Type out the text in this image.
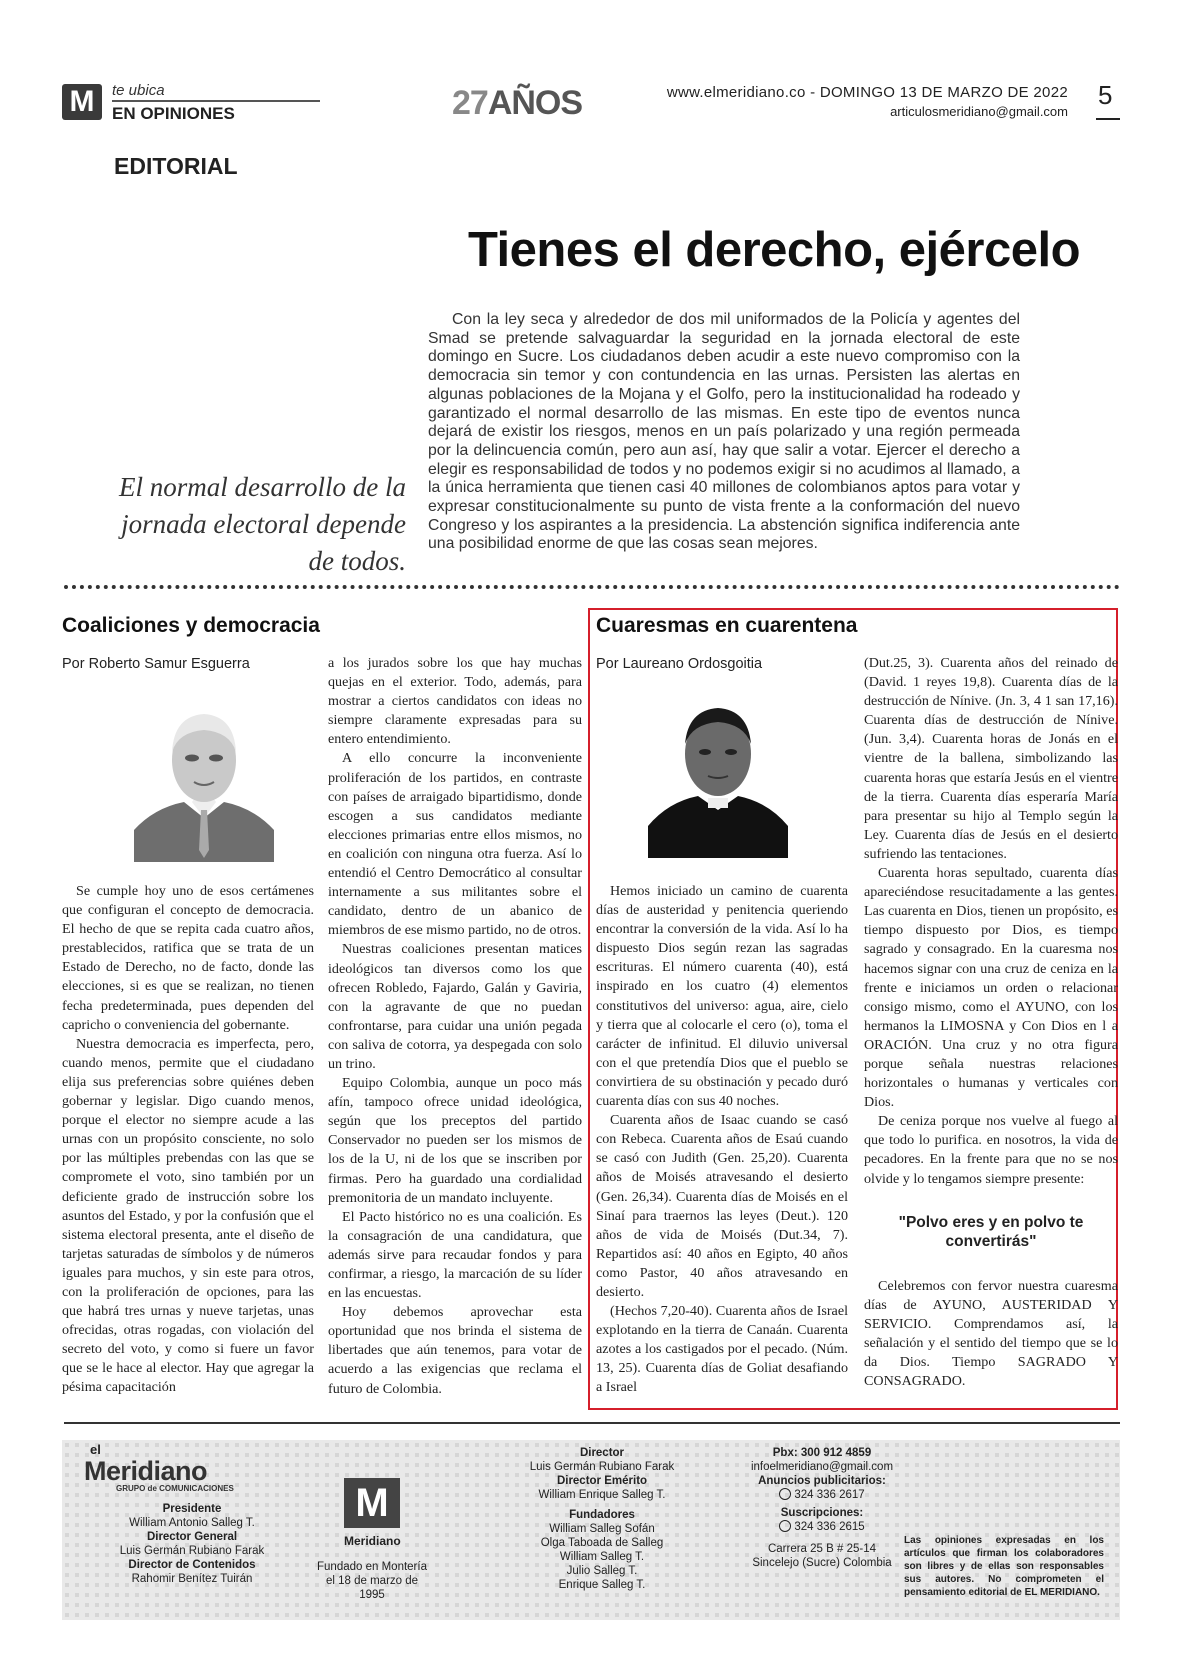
M	te ubica
EN OPINIONES	27AÑOS	www.elmeridiano.co - DOMINGO 13 DE MARZO DE 2022
articulosmeridiano@gmail.com
5
EDITORIAL
Tienes el derecho, ejércelo
Con la ley seca y alrededor de dos mil uniformados de la Policía y agentes del Smad se pretende salvaguardar la seguridad en la jornada electoral de este domingo en Sucre. Los ciudadanos deben acudir a este nuevo compromiso con la democracia sin temor y con contundencia en las urnas. Persisten las alertas en algunas poblaciones de la Mojana y el Golfo, pero la institucionalidad ha rodeado y garantizado el normal desarrollo de las mismas. En este tipo de eventos nunca dejará de existir los riesgos, menos en un país polarizado y una región permeada por la delincuencia común, pero aun así, hay que salir a votar. Ejercer el derecho a elegir es responsabilidad de todos y no podemos exigir si no acudimos al llamado, a la única herramienta que tienen casi 40 millones de colombianos aptos para votar y expresar constitucionalmente su punto de vista frente a la conformación del nuevo Congreso y los aspirantes a la presidencia. La abstención significa indiferencia ante una posibilidad enorme de que las cosas sean mejores.
El normal desarrollo de la jornada electoral depende de todos.
Coaliciones y democracia
Por Roberto Samur Esguerra

Se cumple hoy uno de esos certámenes que configuran el concepto de democracia. El hecho de que se repita cada cuatro años, prestablecidos, ratifica que se trata de un Estado de Derecho, no de facto, donde las elecciones, si es que se realizan, no tienen fecha predeterminada, pues dependen del capricho o conveniencia del gobernante.

Nuestra democracia es imperfecta, pero, cuando menos, permite que el ciudadano elija sus preferencias sobre quiénes deben gobernar y legislar. Digo cuando menos, porque el elector no siempre acude a las urnas con un propósito consciente, no solo por las múltiples prebendas con las que se compromete el voto, sino también por un deficiente grado de instrucción sobre los asuntos del Estado, y por la confusión que el sistema electoral presenta, ante el diseño de tarjetas saturadas de símbolos y de números iguales para muchos, y sin este para otros, con la proliferación de opciones, para las que habrá tres urnas y nueve tarjetas, unas ofrecidas, otras rogadas, con violación del secreto del voto, y como si fuere un favor que se le hace al elector. Hay que agregar la pésima capacitación

a los jurados sobre los que hay muchas quejas en el exterior. Todo, además, para mostrar a ciertos candidatos con ideas no siempre claramente expresadas para su entero entendimiento.

A ello concurre la inconveniente proliferación de los partidos, en contraste con países de arraigado bipartidismo, donde escogen a sus candidatos mediante elecciones primarias entre ellos mismos, no en coalición con ninguna otra fuerza. Así lo entendió el Centro Democrático al consultar internamente a sus militantes sobre el candidato, dentro de un abanico de miembros de ese mismo partido, no de otros.

Nuestras coaliciones presentan matices ideológicos tan diversos como los que ofrecen Robledo, Fajardo, Galán y Gaviria, con la agravante de que no puedan confrontarse, para cuidar una unión pegada con saliva de cotorra, ya despegada con solo un trino.

Equipo Colombia, aunque un poco más afín, tampoco ofrece unidad ideológica, según que los preceptos del partido Conservador no pueden ser los mismos de los de la U, ni de los que se inscriben por firmas. Pero ha guardado una cordialidad premonitoria de un mandato incluyente.

El Pacto histórico no es una coalición. Es la consagración de una candidatura, que además sirve para recaudar fondos y para confirmar, a riesgo, la marcación de su líder en las encuestas.

Hoy debemos aprovechar esta oportunidad que nos brinda el sistema de libertades que aún tenemos, para votar de acuerdo a las exigencias que reclama el futuro de Colombia.

Cuaresmas en cuarentena
Por Laureano Ordosgoitia

Hemos iniciado un camino de cuarenta días de austeridad y penitencia queriendo encontrar la conversión de la vida. Así lo ha dispuesto Dios según rezan las sagradas escrituras. El número cuarenta (40), está inspirado en los cuatro (4) elementos constitutivos del universo: agua, aire, cielo y tierra que al colocarle el cero (o), toma el carácter de infinitud. El diluvio universal con el que pretendía Dios que el pueblo se convirtiera de su obstinación y pecado duró cuarenta días con sus 40 noches.

Cuarenta años de Isaac cuando se casó con Rebeca. Cuarenta años de Esaú cuando se casó con Judith (Gen. 25,20). Cuarenta años de Moisés atravesando el desierto (Gen. 26,34). Cuarenta días de Moisés en el Sinaí para traernos las leyes (Deut.). 120 años de vida de Moisés (Dut.34, 7). Repartidos así: 40 años en Egipto, 40 años como Pastor, 40 años atravesando en desierto.

(Hechos 7,20-40). Cuarenta años de Israel explotando en la tierra de Canaán. Cuarenta azotes a los castigados por el pecado. (Núm. 13, 25). Cuarenta días de Goliat desafiando a Israel

(Dut.25, 3). Cuarenta años del reinado de (David. 1 reyes 19,8). Cuarenta días de la destrucción de Nínive. (Jn. 3, 4 1 san 17,16). Cuarenta días de destrucción de Nínive. (Jun. 3,4). Cuarenta horas de Jonás en el vientre de la ballena, simbolizando las cuarenta horas que estaría Jesús en el vientre de la tierra. Cuarenta días esperaría María para presentar su hijo al Templo según la Ley. Cuarenta días de Jesús en el desierto sufriendo las tentaciones.

Cuarenta horas sepultado, cuarenta días apareciéndose resucitadamente a las gentes. Las cuarenta en Dios, tienen un propósito, es tiempo dispuesto por Dios, es tiempo sagrado y consagrado. En la cuaresma nos hacemos signar con una cruz de ceniza en la frente e iniciamos un orden o relacionar consigo mismo, como el AYUNO, con los hermanos la LIMOSNA y Con Dios en l a ORACIÓN. Una cruz y no otra figura porque señala nuestras relaciones horizontales o humanas y verticales con Dios.

De ceniza porque nos vuelve al fuego al que todo lo purifica. en nosotros, la vida de pecadores. En la frente para que no se nos olvide y lo tengamos siempre presente:

"Polvo eres y en polvo te convertirás"

Celebremos con fervor nuestra cuaresma días de AYUNO, AUSTERIDAD Y SERVICIO. Comprendamos así, la señalación y el sentido del tiempo que se lo da Dios. Tiempo SAGRADO Y CONSAGRADO.

el
Meridiano
GRUPO de COMUNICACIONES
Presidente
William Antonio Salleg T.
Director General
Luis Germán Rubiano Farak
Director de Contenidos
Rahomir Benítez Tuirán
M
Meridiano
Fundado en Montería
el 18 de marzo de 1995
Director
Luis Germán Rubiano Farak
Director Emérito
William Enrique Salleg T.
Fundadores
William Salleg Sofán
Olga Taboada de Salleg
William Salleg T.
Julio Salleg T.
Enrique Salleg T.
Pbx: 300 912 4859
infoelmeridiano@gmail.com
Anuncios publicitarios:
324 336 2617
Suscripciones:
324 336 2615
Carrera 25 B # 25-14
Sincelejo (Sucre) Colombia
Las opiniones expresadas en los artículos que firman los colaboradores son libres y de ellas son responsables sus autores. No comprometen el pensamiento editorial de EL MERIDIANO.
